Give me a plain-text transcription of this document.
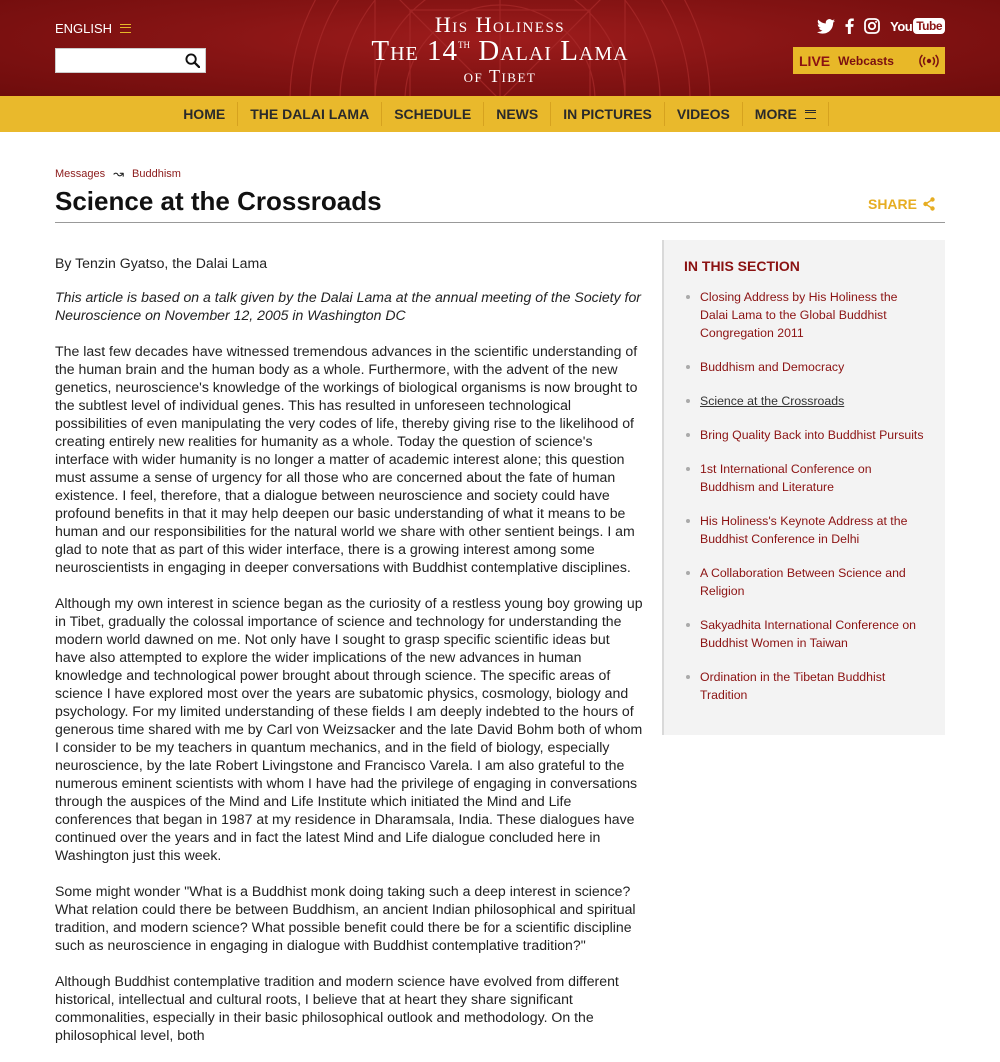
ENGLISH	His Holiness
The 14th Dalai Lama
of Tibet
You Tube
LIVE Webcasts
HOME THE DALAI LAMA SCHEDULE NEWS IN PICTURES VIDEOS MORE
Messages ↝ Buddhism
Science at the Crossroads	SHARE

By Tenzin Gyatso, the Dalai Lama

This article is based on a talk given by the Dalai Lama at the annual meeting of the Society for Neuroscience on November 12, 2005 in Washington DC

The last few decades have witnessed tremendous advances in the scientific understanding of the human brain and the human body as a whole. Furthermore, with the advent of the new genetics, neuroscience's knowledge of the workings of biological organisms is now brought to the subtlest level of individual genes. This has resulted in unforeseen technological possibilities of even manipulating the very codes of life, thereby giving rise to the likelihood of creating entirely new realities for humanity as a whole. Today the question of science's interface with wider humanity is no longer a matter of academic interest alone; this question must assume a sense of urgency for all those who are concerned about the fate of human existence. I feel, therefore, that a dialogue between neuroscience and society could have profound benefits in that it may help deepen our basic understanding of what it means to be human and our responsibilities for the natural world we share with other sentient beings. I am glad to note that as part of this wider interface, there is a growing interest among some neuroscientists in engaging in deeper conversations with Buddhist contemplative disciplines.

Although my own interest in science began as the curiosity of a restless young boy growing up in Tibet, gradually the colossal importance of science and technology for understanding the modern world dawned on me. Not only have I sought to grasp specific scientific ideas but have also attempted to explore the wider implications of the new advances in human knowledge and technological power brought about through science. The specific areas of science I have explored most over the years are subatomic physics, cosmology, biology and psychology. For my limited understanding of these fields I am deeply indebted to the hours of generous time shared with me by Carl von Weizsacker and the late David Bohm both of whom I consider to be my teachers in quantum mechanics, and in the field of biology, especially neuroscience, by the late Robert Livingstone and Francisco Varela. I am also grateful to the numerous eminent scientists with whom I have had the privilege of engaging in conversations through the auspices of the Mind and Life Institute which initiated the Mind and Life conferences that began in 1987 at my residence in Dharamsala, India. These dialogues have continued over the years and in fact the latest Mind and Life dialogue concluded here in Washington just this week.

Some might wonder "What is a Buddhist monk doing taking such a deep interest in science? What relation could there be between Buddhism, an ancient Indian philosophical and spiritual tradition, and modern science? What possible benefit could there be for a scientific discipline such as neuroscience in engaging in dialogue with Buddhist contemplative tradition?"

Although Buddhist contemplative tradition and modern science have evolved from different historical, intellectual and cultural roots, I believe that at heart they share significant commonalities, especially in their basic philosophical outlook and methodology. On the philosophical level, both

IN THIS SECTION
Closing Address by His Holiness the Dalai Lama to the Global Buddhist Congregation 2011
Buddhism and Democracy
Science at the Crossroads
Bring Quality Back into Buddhist Pursuits
1st International Conference on Buddhism and Literature
His Holiness's Keynote Address at the Buddhist Conference in Delhi
A Collaboration Between Science and Religion
Sakyadhita International Conference on Buddhist Women in Taiwan
Ordination in the Tibetan Buddhist Tradition
